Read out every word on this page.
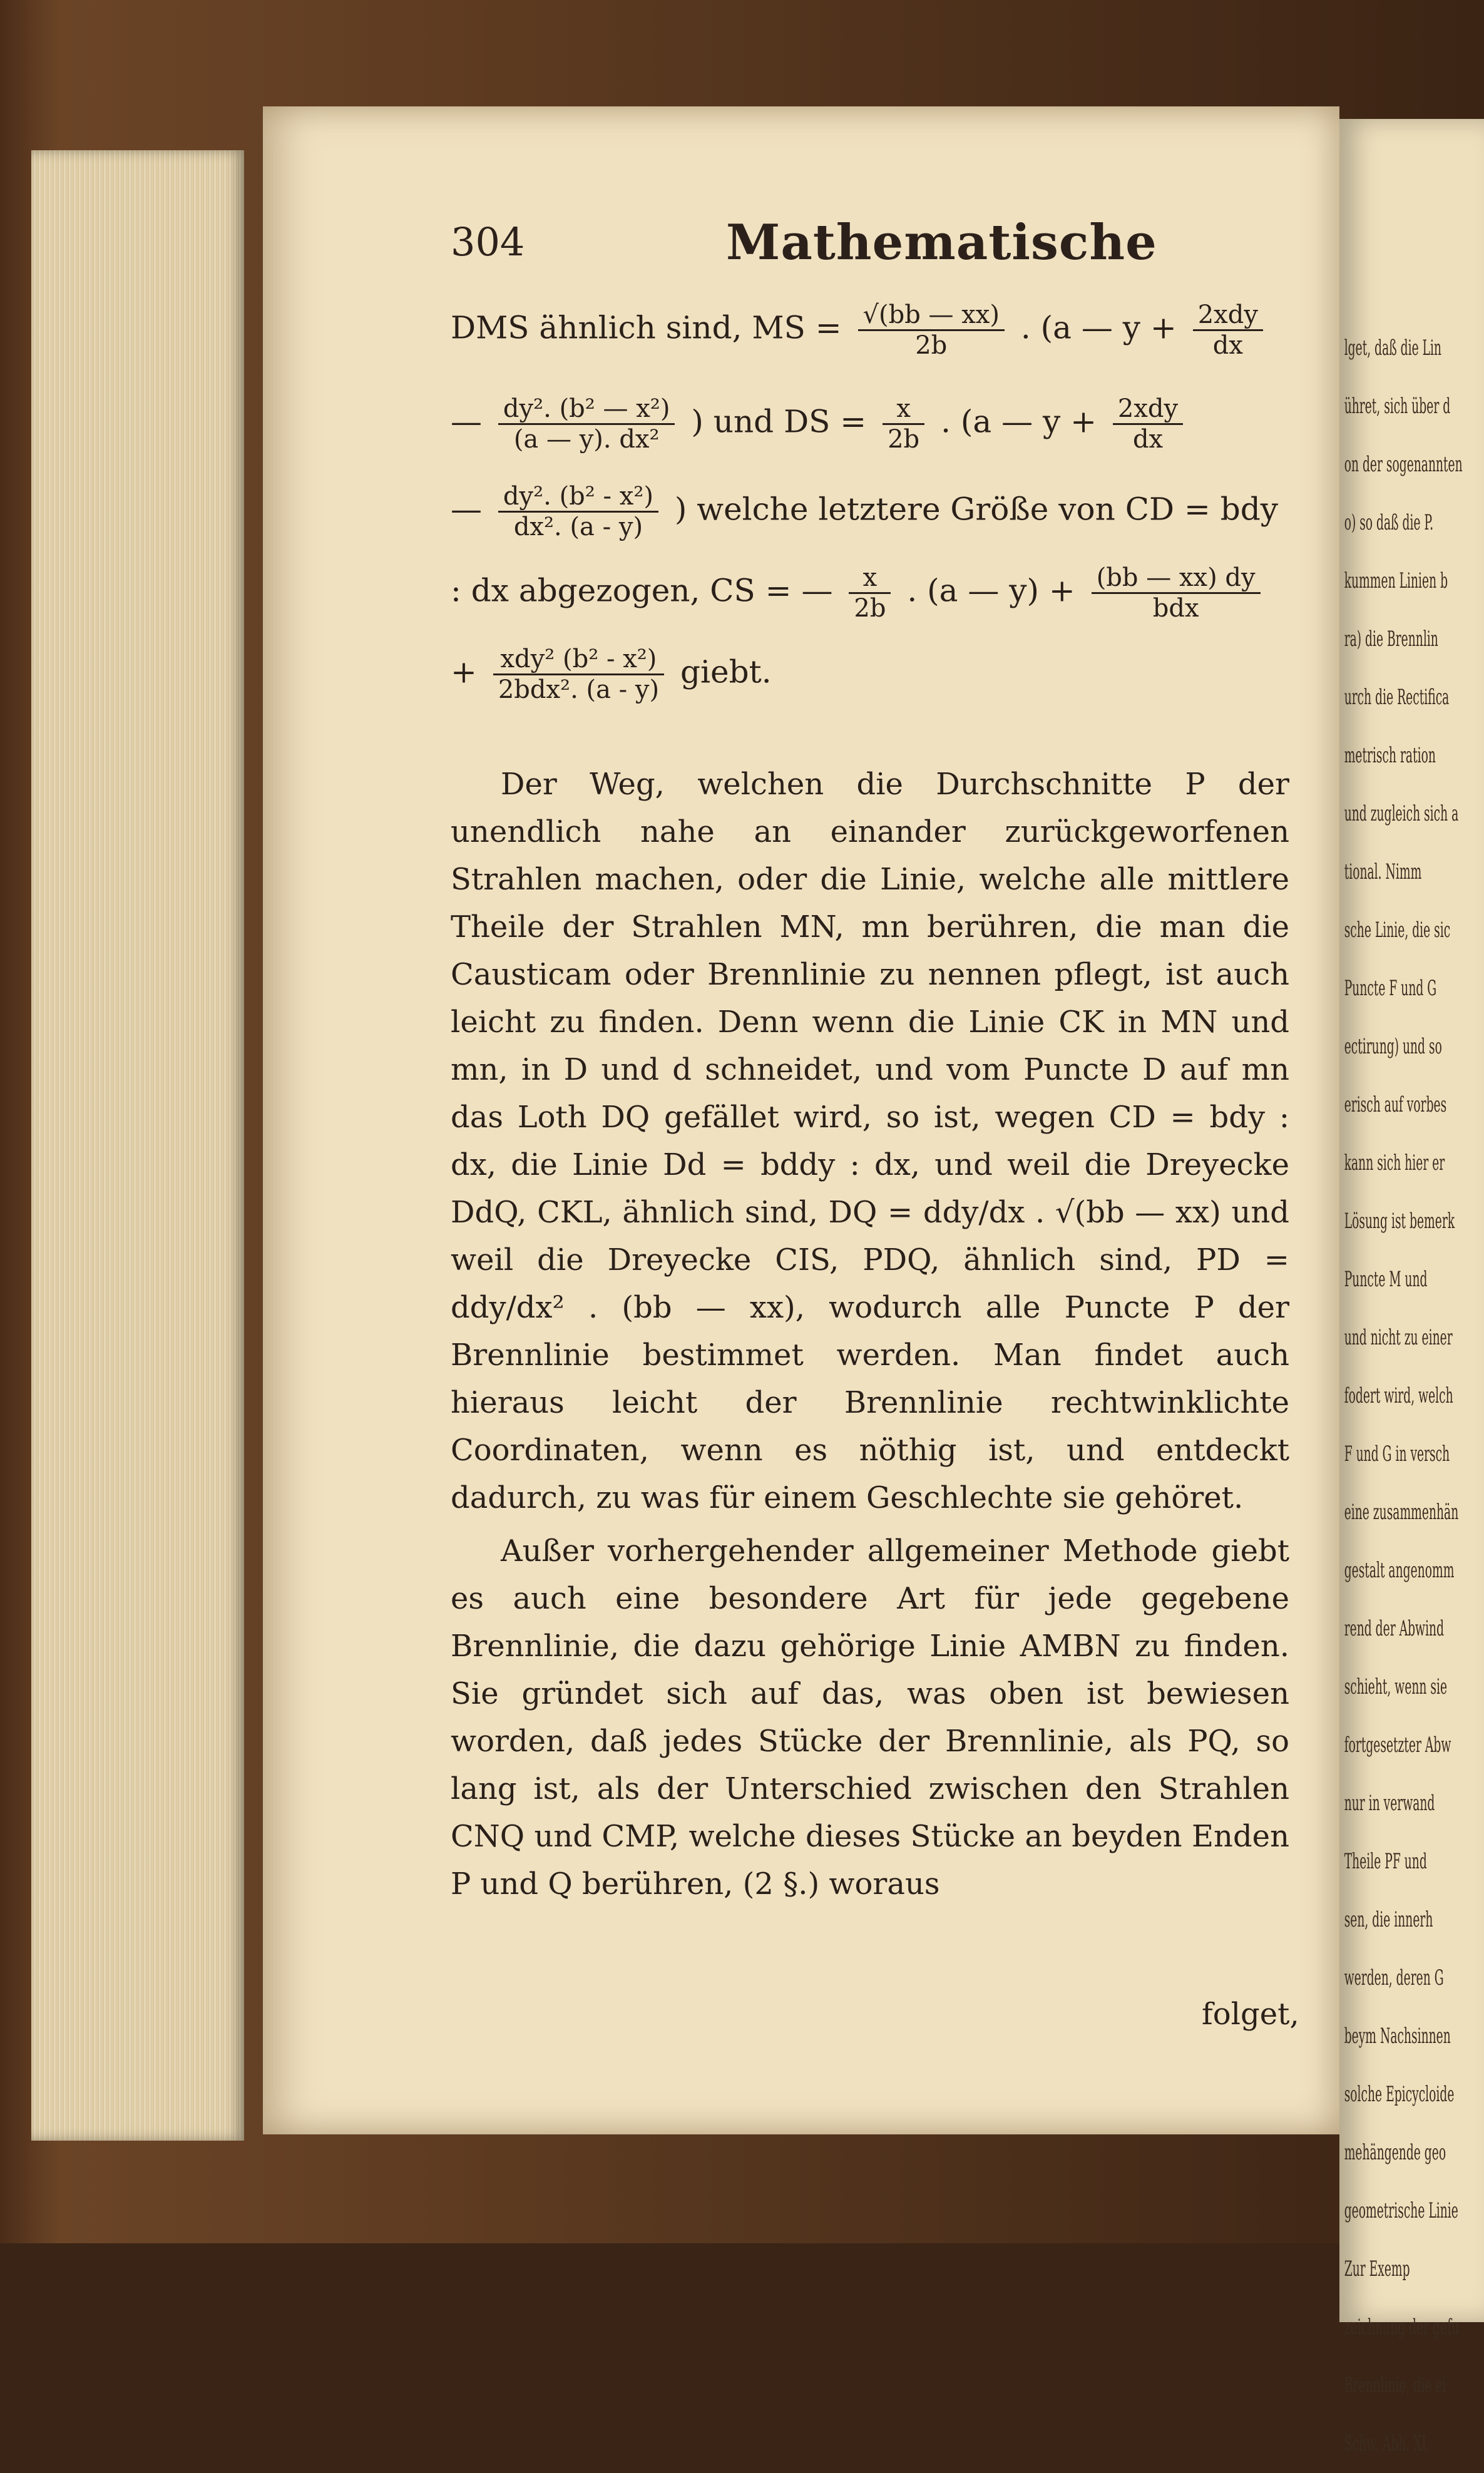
lget, daß die Lin
ühret, sich über d
on der sogenannten
o) so daß die P.
kummen Linien b
ra) die Brennlin
urch die Rectifica
metrisch ration
und zugleich sich a
tional. Nimm
sche Linie, die sic
Puncte F und G
ectirung) und so
erisch auf vorbes
kann sich hier er
Lösung ist bemerk
Puncte M und
und nicht zu einer
fodert wird, welch
F und G in versch
eine zusammenhän
gestalt angenomm
rend der Abwind
schieht, wenn sie
fortgesetzter Abw
nur in verwand
Theile PF und
sen, die innerh
werden, deren G
beym Nachsinnen
solche Epicycloide
mehängende geo
geometrische Linie
Zur Exemp
zeichnung der gefu
Brennlinie, die ei
Schw. Abh. XI.
304	Mathematische
DMS ähnlich sind, MS = $\frac{√(bb — xx)}{2b}$ . (a — $y + \frac{\text{2xdy}}{dx}$
— $\frac{\text{dy². (b² — x²)}}{\text{(a — y). dx²}}$ ) und DS = $\frac{x}{2b}$ . (a — $y + \frac{\text{2xdy}}{dx}$
— $\frac{\text{dy². (b² - x²)}}{\text{dx². (a - y)}}$ ) welche letztere Größe von CD = bdy
: dx abgezogen, CS = — $\frac{x}{2b}$ . (a — $y) + \frac{(bb — xx) dy}{\text{bdx}}$
+ $\frac{\text{xdy² (b² - x²)}}{\text{2bdx². (a - y)}}$ giebt.

Der Weg, welchen die Durchschnitte P der unendlich nahe an einander zurückgeworfenen Strahlen machen, oder die Linie, welche alle mittlere Theile der Strahlen MN, mn berühren, die man die Causticam oder Brennlinie zu nennen pflegt, ist auch leicht zu finden. Denn wenn die Linie CK in MN und mn, in D und d schneidet, und vom Puncte D auf mn das Loth DQ gefället wird, so ist, wegen CD = bdy : dx, die Linie Dd = bddy : dx, und weil die Dreyecke DdQ, CKL, ähnlich sind, DQ = ddy/dx . √(bb — xx) und weil die Dreyecke CIS, PDQ, ähnlich sind, PD = ddy/dx² . (bb — xx), wodurch alle Puncte P der Brennlinie bestimmet werden. Man findet auch hieraus leicht der Brennlinie rechtwinklichte Coordinaten, wenn es nöthig ist, und entdeckt dadurch, zu was für einem Geschlechte sie gehöret.

Außer vorhergehender allgemeiner Methode giebt es auch eine besondere Art für jede gegebene Brennlinie, die dazu gehörige Linie AMBN zu finden. Sie gründet sich auf das, was oben ist bewiesen worden, daß jedes Stücke der Brennlinie, als PQ, so lang ist, als der Unterschied zwischen den Strahlen CNQ und CMP, welche dieses Stücke an beyden Enden P und Q berühren, (2 §.) woraus

folget,
